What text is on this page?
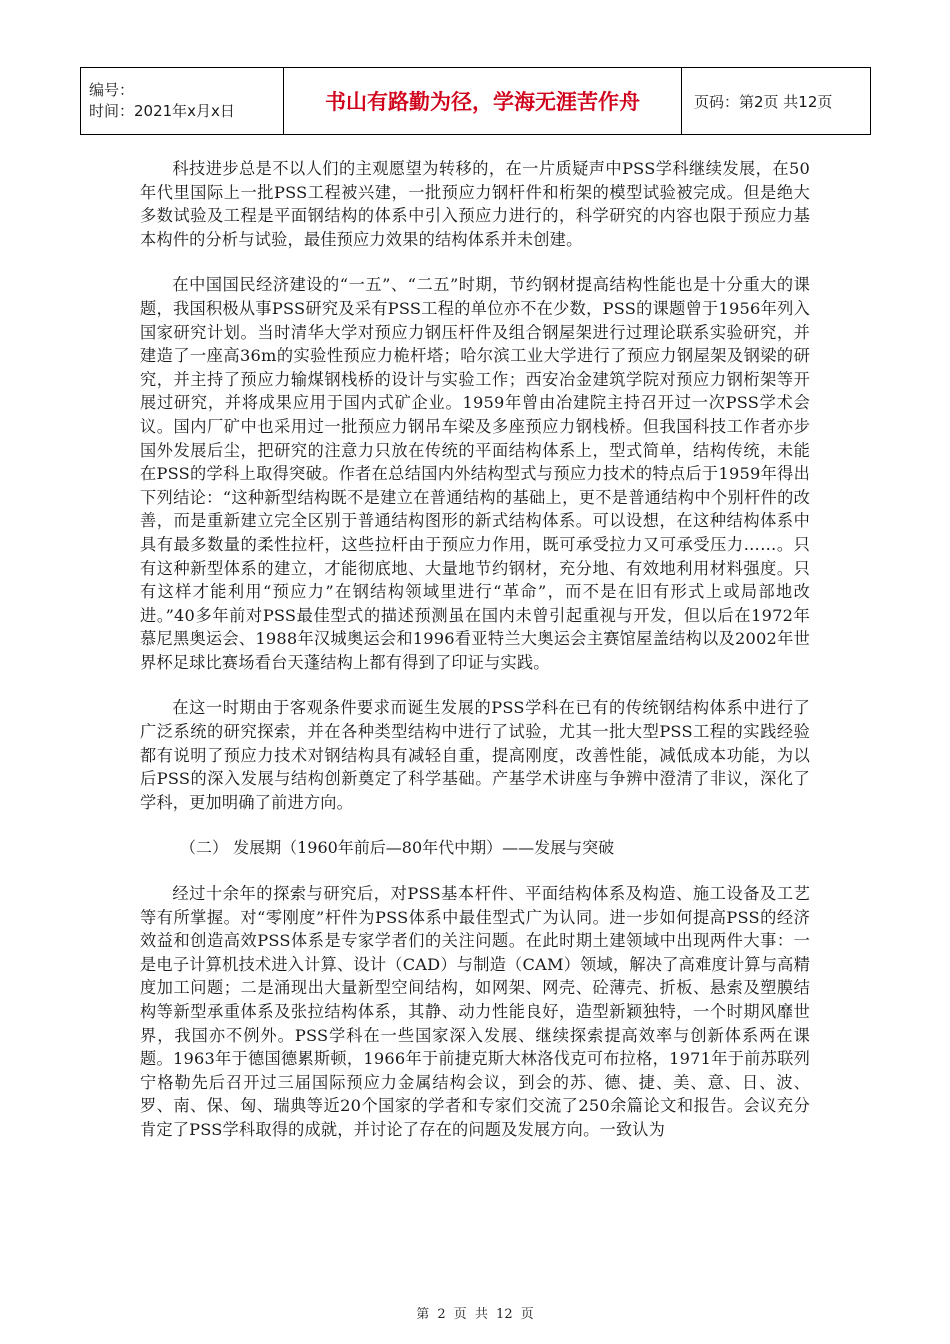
编号：
时间：2021年x月x日	书山有路勤为径，学海无涯苦作舟	页码：第2页 共12页

科技进步总是不以人们的主观愿望为转移的，在一片质疑声中PSS学科继续发展，在50年代里国际上一批PSS工程被兴建，一批预应力钢杆件和桁架的模型试验被完成。但是绝大多数试验及工程是平面钢结构的体系中引入预应力进行的，科学研究的内容也限于预应力基本构件的分析与试验，最佳预应力效果的结构体系并未创建。

在中国国民经济建设的“一五”、“二五”时期，节约钢材提高结构性能也是十分重大的课题，我国积极从事PSS研究及采有PSS工程的单位亦不在少数，PSS的课题曾于1956年列入国家研究计划。当时清华大学对预应力钢压杆件及组合钢屋架进行过理论联系实验研究，并建造了一座高36m的实验性预应力桅杆塔；哈尔滨工业大学进行了预应力钢屋架及钢梁的研究，并主持了预应力输煤钢栈桥的设计与实验工作；西安冶金建筑学院对预应力钢桁架等开展过研究，并将成果应用于国内式矿企业。1959年曾由冶建院主持召开过一次PSS学术会议。国内厂矿中也采用过一批预应力钢吊车梁及多座预应力钢栈桥。但我国科技工作者亦步国外发展后尘，把研究的注意力只放在传统的平面结构体系上，型式简单，结构传统，未能在PSS的学科上取得突破。作者在总结国内外结构型式与预应力技术的特点后于1959年得出下列结论：“这种新型结构既不是建立在普通结构的基础上，更不是普通结构中个别杆件的改善，而是重新建立完全区别于普通结构图形的新式结构体系。可以设想，在这种结构体系中具有最多数量的柔性拉杆，这些拉杆由于预应力作用，既可承受拉力又可承受压力……。只有这种新型体系的建立，才能彻底地、大量地节约钢材，充分地、有效地利用材料强度。只有这样才能利用“预应力”在钢结构领域里进行“革命”，而不是在旧有形式上或局部地改进。”40多年前对PSS最佳型式的描述预测虽在国内未曾引起重视与开发，但以后在1972年慕尼黑奥运会、1988年汉城奥运会和1996看亚特兰大奥运会主赛馆屋盖结构以及2002年世界杯足球比赛场看台天蓬结构上都有得到了印证与实践。

在这一时期由于客观条件要求而诞生发展的PSS学科在已有的传统钢结构体系中进行了广泛系统的研究探索，并在各种类型结构中进行了试验，尤其一批大型PSS工程的实践经验都有说明了预应力技术对钢结构具有减轻自重，提高刚度，改善性能，减低成本功能，为以后PSS的深入发展与结构创新奠定了科学基础。产基学术讲座与争辨中澄清了非议，深化了学科，更加明确了前进方向。

（二） 发展期（1960年前后—80年代中期）——发展与突破

经过十余年的探索与研究后，对PSS基本杆件、平面结构体系及构造、施工设备及工艺等有所掌握。对“零刚度”杆件为PSS体系中最佳型式广为认同。进一步如何提高PSS的经济效益和创造高效PSS体系是专家学者们的关注问题。在此时期土建领域中出现两件大事：一是电子计算机技术进入计算、设计（CAD）与制造（CAM）领域，解决了高难度计算与高精度加工问题；二是涌现出大量新型空间结构，如网架、网壳、砼薄壳、折板、悬索及塑膜结构等新型承重体系及张拉结构体系，其静、动力性能良好，造型新颖独特，一个时期风靡世界，我国亦不例外。PSS学科在一些国家深入发展、继续探索提高效率与创新体系两在课题。1963年于德国德累斯顿，1966年于前捷克斯大林洛伐克可布拉格，1971年于前苏联列宁格勒先后召开过三届国际预应力金属结构会议，到会的苏、德、捷、美、意、日、波、罗、南、保、匈、瑞典等近20个国家的学者和专家们交流了250余篇论文和报告。会议充分肯定了PSS学科取得的成就，并讨论了存在的问题及发展方向。一致认为

第 2 页 共 12 页
